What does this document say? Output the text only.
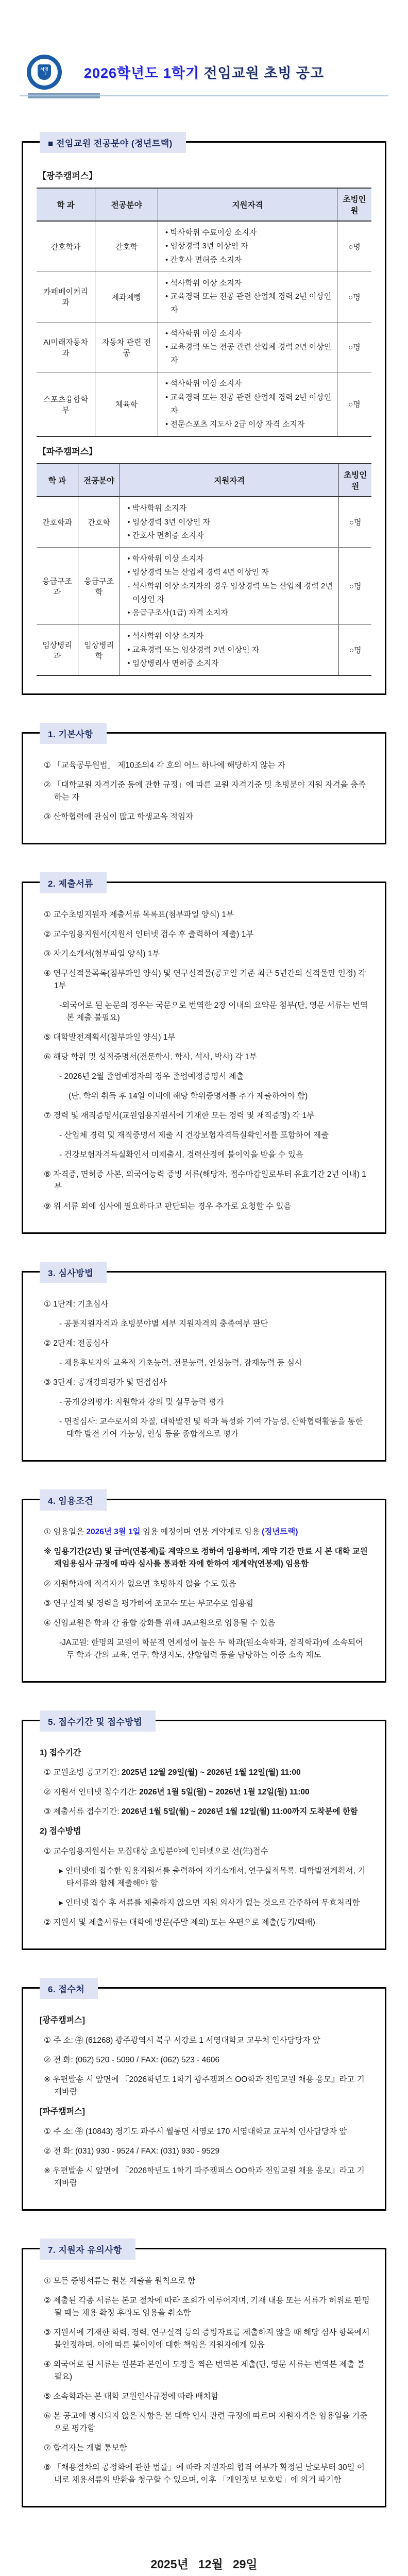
서영
☽	2026학년도 1학기 전임교원 초빙 공고
■ 전임교원 전공분야 (정년트랙)
【광주캠퍼스】
학 과	전공분야	지원자격	초빙인원
간호학과	간호학	• 박사학위 수료이상 소지자
• 임상경력 3년 이상인 자
• 간호사 면허증 소지자	○명
카페베이커리과	제과제빵	• 석사학위 이상 소지자
• 교육경력 또는 전공 관련 산업체 경력 2년 이상인 자	○명
AI미래자동차과	자동차 관련 전공	• 석사학위 이상 소지자
• 교육경력 또는 전공 관련 산업체 경력 2년 이상인 자	○명
스포츠융합학부	체육학	• 석사학위 이상 소지자
• 교육경력 또는 전공 관련 산업체 경력 2년 이상인 자
• 전문스포츠 지도사 2급 이상 자격 소지자	○명
【파주캠퍼스】
학 과	전공분야	지원자격	초빙인원
간호학과	간호학	• 박사학위 소지자
• 임상경력 3년 이상인 자
• 간호사 면허증 소지자	○명
응급구조과	응급구조학	• 학사학위 이상 소지자
• 임상경력 또는 산업체 경력 4년 이상인 자
- 석사학위 이상 소지자의 경우 임상경력 또는 산업체 경력 2년 이상인 자
• 응급구조사(1급) 자격 소지자	○명
임상병리과	임상병리학	• 석사학위 이상 소지자
• 교육경력 또는 임상경력 2년 이상인 자
• 임상병리사 면허증 소지자	○명
1. 기본사항
① 「교육공무원법」 제10조의4 각 호의 어느 하나에 해당하지 않는 자
② 「대학교원 자격기준 등에 관한 규정」에 따른 교원 자격기준 및 초빙분야 지원 자격을 충족하는 자
③ 산학협력에 관심이 많고 학생교육 적임자
2. 제출서류
① 교수초빙지원자 제출서류 목록표(첨부파일 양식) 1부
② 교수임용지원서(지원서 인터넷 접수 후 출력하여 제출) 1부
③ 자기소개서(첨부파일 양식) 1부
④ 연구실적물목록(첨부파일 양식) 및 연구실적물(공고일 기준 최근 5년간의 실적물만 인정) 각 1부
-외국어로 된 논문의 경우는 국문으로 번역한 2장 이내의 요약문 첨부(단, 영문 서류는 번역본 제출 불필요)
⑤ 대학발전계획서(첨부파일 양식) 1부
⑥ 해당 학위 및 성적증명서(전문학사, 학사, 석사, 박사) 각 1부
- 2026년 2월 졸업예정자의 경우 졸업예정증명서 제출
(단, 학위 취득 후 14일 이내에 해당 학위증명서를 추가 제출하여야 함)
⑦ 경력 및 재직증명서(교원임용지원서에 기재한 모든 경력 및 재직증명) 각 1부
- 산업체 경력 및 재직증명서 제출 시 건강보험자격득실확인서를 포함하여 제출
- 건강보험자격득실확인서 미제출시, 경력산정에 불이익을 받을 수 있음
⑧ 자격증, 면허증 사본, 외국어능력 증빙 서류(해당자, 접수마감일로부터 유효기간 2년 이내) 1부
⑨ 위 서류 외에 심사에 필요하다고 판단되는 경우 추가로 요청할 수 있음
3. 심사방법
① 1단계: 기초심사
- 공통지원자격과 초빙분야별 세부 지원자격의 충족여부 판단
② 2단계: 전공심사
- 채용후보자의 교육적 기초능력, 전문능력, 인성능력, 잠재능력 등 심사
③ 3단계: 공개강의평가 및 면접심사
- 공개강의평가: 지원학과 강의 및 실무능력 평가
- 면접심사: 교수로서의 자질, 대학발전 및 학과 특성화 기여 가능성, 산학협력활동을 통한 대학 발전 기여 가능성, 인성 등을 종합적으로 평가
4. 임용조건
① 임용일은 2026년 3월 1일 임용 예정이며 연봉 계약제로 임용 (정년트랙)
※ 임용기간(2년) 및 급여(연봉제)를 계약으로 정하여 임용하며, 계약 기간 만료 시 본 대학 교원 재임용심사 규정에 따라 심사를 통과한 자에 한하여 재계약(연봉제) 임용함
② 지원학과에 적격자가 없으면 초빙하지 않을 수도 있음
③ 연구실적 및 경력을 평가하여 조교수 또는 부교수로 임용함
④ 신임교원은 학과 간 융합 강화를 위해 JA교원으로 임용될 수 있음
-JA교원: 한명의 교원이 학문적 연계성이 높은 두 학과(원소속학과, 겸직학과)에 소속되어 두 학과 간의 교육, 연구, 학생지도, 산합협력 등을 담당하는 이중 소속 제도
5. 접수기간 및 접수방법
1) 접수기간
① 교원초빙 공고기간: 2025년 12월 29일(월) ~ 2026년 1월 12일(월) 11:00
② 지원서 인터넷 접수기간: 2026년 1월 5일(월) ~ 2026년 1월 12일(월) 11:00
③ 제출서류 접수기간: 2026년 1월 5일(월) ~ 2026년 1월 12일(월) 11:00까지 도착분에 한함
2) 접수방법
① 교수임용지원서는 모집대상 초빙분야에 인터넷으로 선(先)접수
▸ 인터넷에 접수한 임용지원서를 출력하여 자기소개서, 연구실적목록, 대학발전계획서, 기타서류와 함께 제출해야 함
▸ 인터넷 접수 후 서류를 제출하지 않으면 지원 의사가 없는 것으로 간주하여 무효처리함
② 지원서 및 제출서류는 대학에 방문(주말 제외) 또는 우편으로 제출(등기/택배)
6. 접수처
[광주캠퍼스]
① 주 소: ㉾ (61268) 광주광역시 북구 서강로 1 서영대학교 교무처 인사담당자 앞
② 전 화: (062) 520 - 5090 / FAX: (062) 523 - 4606
※ 우편발송 시 앞면에 『2026학년도 1학기 광주캠퍼스 OO학과 전임교원 채용 응모』라고 기재바람
[파주캠퍼스]
① 주 소: ㉾ (10843) 경기도 파주시 월롱면 서영로 170 서영대학교 교무처 인사담당자 앞
② 전 화: (031) 930 - 9524 / FAX: (031) 930 - 9529
※ 우편발송 시 앞면에 『2026학년도 1학기 파주캠퍼스 OO학과 전임교원 채용 응모』라고 기재바람
7. 지원자 유의사항
① 모든 증빙서류는 원본 제출을 원칙으로 함
② 제출된 각종 서류는 본교 절차에 따라 조회가 이루어지며, 기재 내용 또는 서류가 허위로 판명될 때는 채용 확정 후라도 임용을 취소함
③ 지원서에 기재한 학력, 경력, 연구실적 등의 증빙자료를 제출하지 않을 때 해당 심사 항목에서 불인정하며, 이에 따른 불이익에 대한 책임은 지원자에게 있음
④ 외국어로 된 서류는 원본과 본인이 도장을 찍은 번역본 제출(단, 영문 서류는 번역본 제출 불필요)
⑤ 소속학과는 본 대학 교원인사규정에 따라 배치함
⑥ 본 공고에 명시되지 않은 사항은 본 대학 인사 관련 규정에 따르며 지원자격은 임용일을 기준으로 평가함
⑦ 합격자는 개별 통보함
⑧ 「채용절차의 공정화에 관한 법률」에 따라 지원자의 합격 여부가 확정된 날로부터 30일 이내로 채용서류의 반환을 청구할 수 있으며, 이후 「개인정보 보호법」에 의거 파기함
2025년   12월   29일
